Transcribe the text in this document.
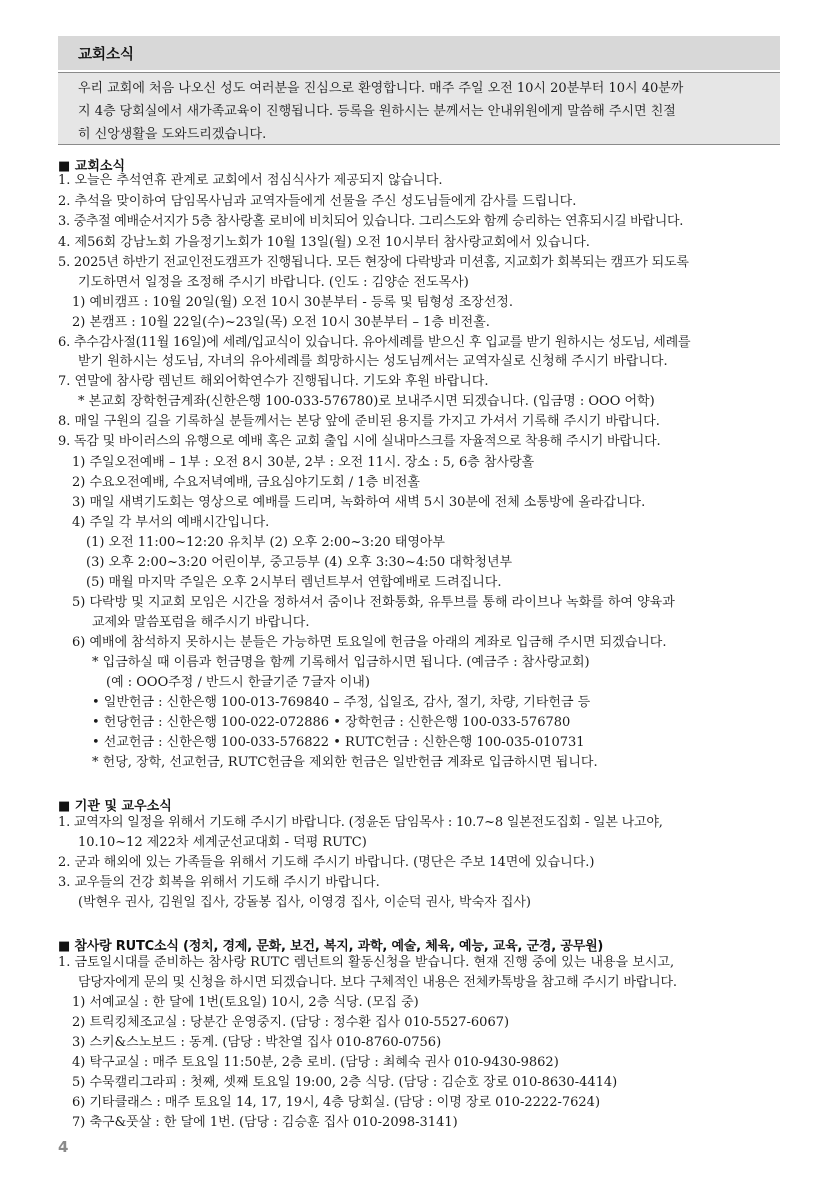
교회소식
우리 교회에 처음 나오신 성도 여러분을 진심으로 환영합니다. 매주 주일 오전 10시 20분부터 10시 40분까
지 4층 당회실에서 새가족교육이 진행됩니다. 등록을 원하시는 분께서는 안내위원에게 말씀해 주시면 친절
히 신앙생활을 도와드리겠습니다.
■ 교회소식
1. 오늘은 추석연휴 관계로 교회에서 점심식사가 제공되지 않습니다.
2. 추석을 맞이하여 담임목사님과 교역자들에게 선물을 주신 성도님들에게 감사를 드립니다.
3. 중추절 예배순서지가 5층 참사랑홀 로비에 비치되어 있습니다. 그리스도와 함께 승리하는 연휴되시길 바랍니다.
4. 제56회 강남노회 가을정기노회가 10월 13일(월) 오전 10시부터 참사랑교회에서 있습니다.
5. 2025년 하반기 전교인전도캠프가 진행됩니다. 모든 현장에 다락방과 미션홈, 지교회가 회복되는 캠프가 되도록
기도하면서 일정을 조정해 주시기 바랍니다. (인도 : 김양순 전도목사)
1) 예비캠프 : 10월 20일(월) 오전 10시 30분부터 - 등록 및 팀형성 조장선정.
2) 본캠프 : 10월 22일(수)~23일(목) 오전 10시 30분부터 – 1층 비전홀.
6. 추수감사절(11월 16일)에 세례/입교식이 있습니다. 유아세례를 받으신 후 입교를 받기 원하시는 성도님, 세례를
받기 원하시는 성도님, 자녀의 유아세례를 희망하시는 성도님께서는 교역자실로 신청해 주시기 바랍니다.
7. 연말에 참사랑 렘넌트 해외어학연수가 진행됩니다. 기도와 후원 바랍니다.
* 본교회 장학헌금계좌(신한은행 100-033-576780)로 보내주시면 되겠습니다. (입금명 : OOO 어학)
8. 매일 구원의 길을 기록하실 분들께서는 본당 앞에 준비된 용지를 가지고 가셔서 기록해 주시기 바랍니다.
9. 독감 및 바이러스의 유행으로 예배 혹은 교회 출입 시에 실내마스크를 자율적으로 착용해 주시기 바랍니다.
1) 주일오전예배 – 1부 : 오전 8시 30분, 2부 : 오전 11시. 장소 : 5, 6층 참사랑홀
2) 수요오전예배, 수요저녁예배, 금요심야기도회 / 1층 비전홀
3) 매일 새벽기도회는 영상으로 예배를 드리며, 녹화하여 새벽 5시 30분에 전체 소통방에 올라갑니다.
4) 주일 각 부서의 예배시간입니다.
(1) 오전 11:00~12:20 유치부 (2) 오후 2:00~3:20 태영아부
(3) 오후 2:00~3:20 어린이부, 중고등부 (4) 오후 3:30~4:50 대학청년부
(5) 매월 마지막 주일은 오후 2시부터 렘넌트부서 연합예배로 드려집니다.
5) 다락방 및 지교회 모임은 시간을 정하셔서 줌이나 전화통화, 유투브를 통해 라이브나 녹화를 하여 양육과
교제와 말씀포럼을 해주시기 바랍니다.
6) 예배에 참석하지 못하시는 분들은 가능하면 토요일에 헌금을 아래의 계좌로 입금해 주시면 되겠습니다.
* 입금하실 때 이름과 헌금명을 함께 기록해서 입금하시면 됩니다. (예금주 : 참사랑교회)
(예 : OOO주정 / 반드시 한글기준 7글자 이내)
• 일반헌금 : 신한은행 100-013-769840 – 주정, 십일조, 감사, 절기, 차량, 기타헌금 등
• 헌당헌금 : 신한은행 100-022-072886 • 장학헌금 : 신한은행 100-033-576780
• 선교헌금 : 신한은행 100-033-576822 • RUTC헌금 : 신한은행 100-035-010731
* 헌당, 장학, 선교헌금, RUTC헌금을 제외한 헌금은 일반헌금 계좌로 입금하시면 됩니다.
■ 기관 및 교우소식
1. 교역자의 일정을 위해서 기도해 주시기 바랍니다. (정윤돈 담임목사 : 10.7~8 일본전도집회 - 일본 나고야,
10.10~12 제22차 세계군선교대회 - 덕평 RUTC)
2. 군과 해외에 있는 가족들을 위해서 기도해 주시기 바랍니다. (명단은 주보 14면에 있습니다.)
3. 교우들의 건강 회복을 위해서 기도해 주시기 바랍니다.
(박현우 권사, 김원일 집사, 강돌봉 집사, 이영경 집사, 이순덕 권사, 박숙자 집사)
■ 참사랑 RUTC소식 (정치, 경제, 문화, 보건, 복지, 과학, 예술, 체육, 예능, 교육, 군경, 공무원)
1. 금토일시대를 준비하는 참사랑 RUTC 렘넌트의 활동신청을 받습니다. 현재 진행 중에 있는 내용을 보시고,
담당자에게 문의 및 신청을 하시면 되겠습니다. 보다 구체적인 내용은 전체카톡방을 참고해 주시기 바랍니다.
1) 서예교실 : 한 달에 1번(토요일) 10시, 2층 식당. (모집 중)
2) 트릭킹체조교실 : 당분간 운영중지. (담당 : 정수환 집사 010-5527-6067)
3) 스키&스노보드 : 동계. (담당 : 박찬열 집사 010-8760-0756)
4) 탁구교실 : 매주 토요일 11:50분, 2층 로비. (담당 : 최혜숙 권사 010-9430-9862)
5) 수묵캘리그라피 : 첫째, 셋째 토요일 19:00, 2층 식당. (담당 : 김순호 장로 010-8630-4414)
6) 기타클래스 : 매주 토요일 14, 17, 19시, 4층 당회실. (담당 : 이명 장로 010-2222-7624)
7) 축구&풋살 : 한 달에 1번. (담당 : 김승훈 집사 010-2098-3141)
4
